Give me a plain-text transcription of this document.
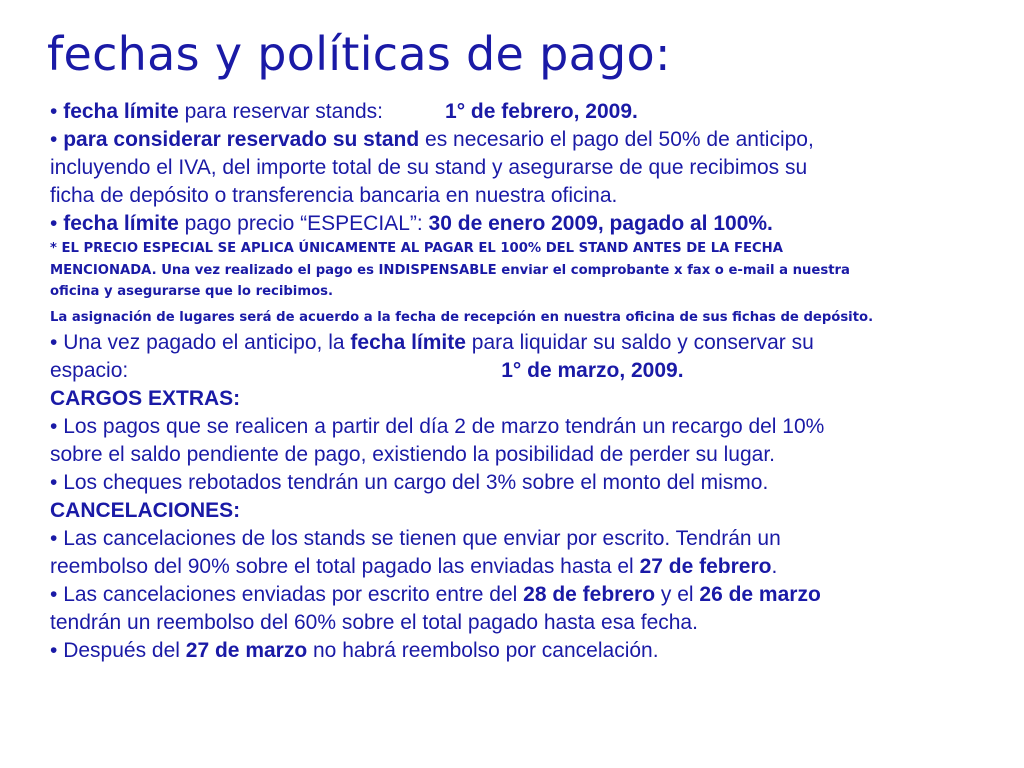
fechas y políticas de pago:
• fecha límite para reservar stands:	1° de febrero, 2009.
• para considerar reservado su stand es necesario el pago del 50% de anticipo,
incluyendo el IVA, del importe total de su stand y asegurarse de que recibimos su
ficha de depósito o transferencia bancaria en nuestra oficina.
• fecha límite pago precio “ESPECIAL”: 30 de enero 2009, pagado al 100%.
* EL PRECIO ESPECIAL SE APLICA ÚNICAMENTE AL PAGAR EL 100% DEL STAND ANTES DE LA FECHA
MENCIONADA. Una vez realizado el pago es INDISPENSABLE enviar el comprobante x fax o e-mail a nuestra
oficina y asegurarse que lo recibimos.
La asignación de lugares será de acuerdo a la fecha de recepción en nuestra oficina de sus fichas de depósito.
• Una vez pagado el anticipo, la fecha límite para liquidar su saldo y conservar su
espacio:	1° de marzo, 2009.
CARGOS EXTRAS:
• Los pagos que se realicen a partir del día 2 de marzo tendrán un recargo del 10%
sobre el saldo pendiente de pago, existiendo la posibilidad de perder su lugar.
• Los cheques rebotados tendrán un cargo del 3% sobre el monto del mismo.
CANCELACIONES:
• Las cancelaciones de los stands se tienen que enviar por escrito. Tendrán un
reembolso del 90% sobre el total pagado las enviadas hasta el 27 de febrero.
• Las cancelaciones enviadas por escrito entre del 28 de febrero y el 26 de marzo
tendrán un reembolso del 60% sobre el total pagado hasta esa fecha.
• Después del 27 de marzo no habrá reembolso por cancelación.
